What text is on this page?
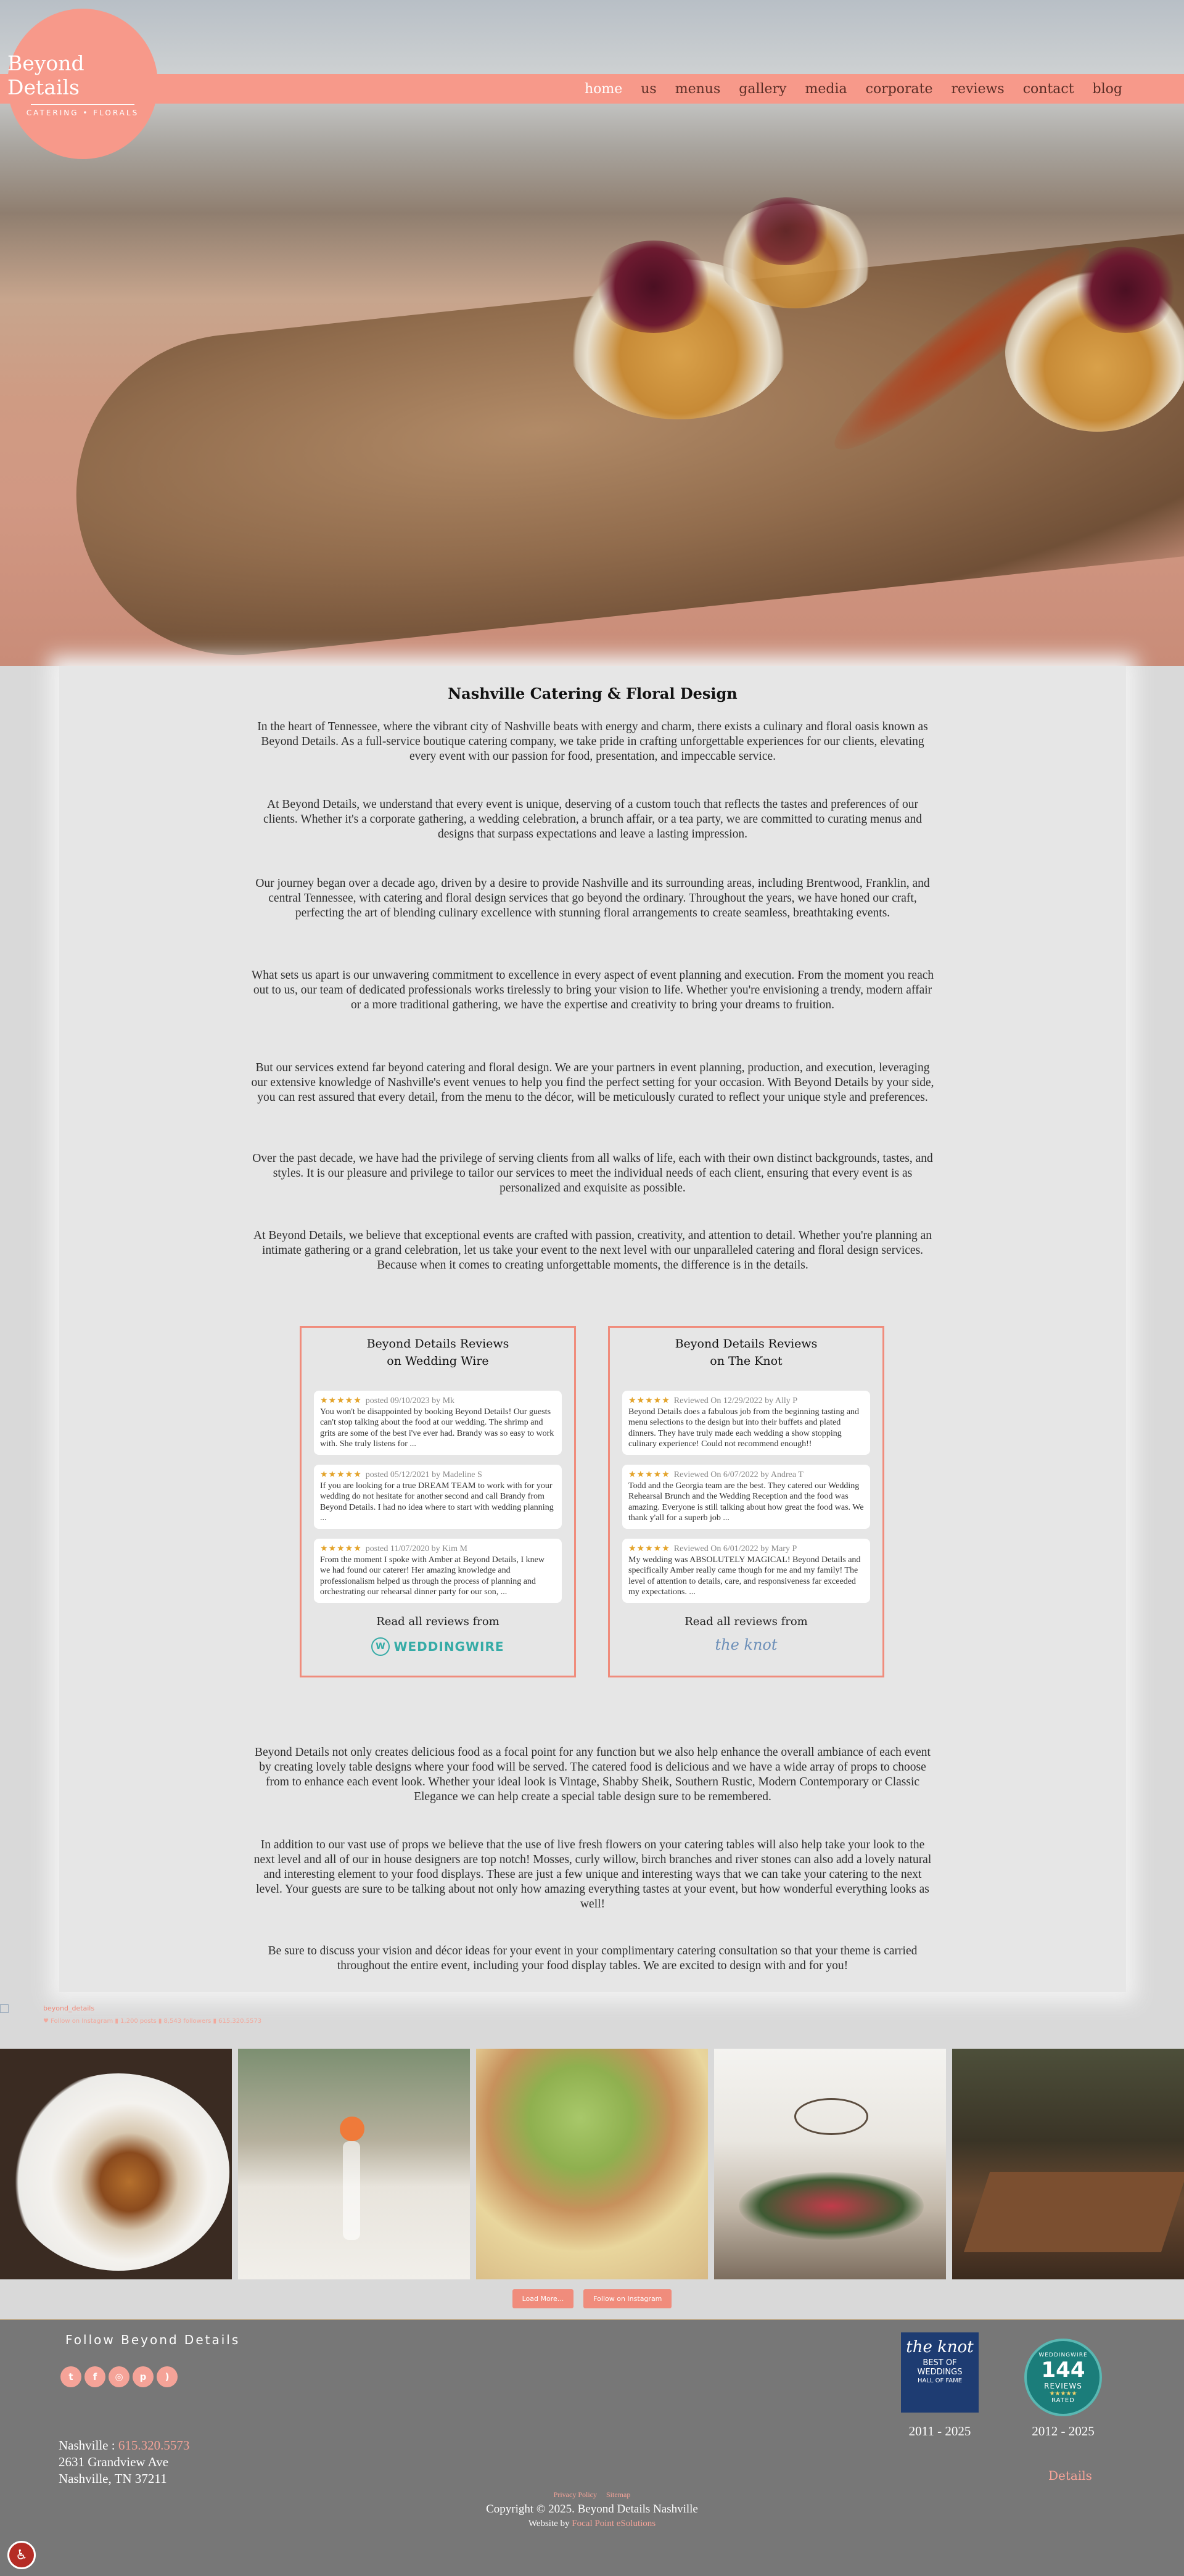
home us menus gallery media corporate reviews contact blog
Beyond Details
CATERING • FLORALS
Nashville Catering & Floral Design

In the heart of Tennessee, where the vibrant city of Nashville beats with energy and charm, there exists a culinary and floral oasis known as Beyond Details. As a full-service boutique catering company, we take pride in crafting unforgettable experiences for our clients, elevating every event with our passion for food, presentation, and impeccable service.

At Beyond Details, we understand that every event is unique, deserving of a custom touch that reflects the tastes and preferences of our clients. Whether it's a corporate gathering, a wedding celebration, a brunch affair, or a tea party, we are committed to curating menus and designs that surpass expectations and leave a lasting impression.

Our journey began over a decade ago, driven by a desire to provide Nashville and its surrounding areas, including Brentwood, Franklin, and central Tennessee, with catering and floral design services that go beyond the ordinary. Throughout the years, we have honed our craft, perfecting the art of blending culinary excellence with stunning floral arrangements to create seamless, breathtaking events.

What sets us apart is our unwavering commitment to excellence in every aspect of event planning and execution. From the moment you reach out to us, our team of dedicated professionals works tirelessly to bring your vision to life. Whether you're envisioning a trendy, modern affair or a more traditional gathering, we have the expertise and creativity to bring your dreams to fruition.

But our services extend far beyond catering and floral design. We are your partners in event planning, production, and execution, leveraging our extensive knowledge of Nashville's event venues to help you find the perfect setting for your occasion. With Beyond Details by your side, you can rest assured that every detail, from the menu to the décor, will be meticulously curated to reflect your unique style and preferences.

Over the past decade, we have had the privilege of serving clients from all walks of life, each with their own distinct backgrounds, tastes, and styles. It is our pleasure and privilege to tailor our services to meet the individual needs of each client, ensuring that every event is as personalized and exquisite as possible.

At Beyond Details, we believe that exceptional events are crafted with passion, creativity, and attention to detail. Whether you're planning an intimate gathering or a grand celebration, let us take your event to the next level with our unparalleled catering and floral design services. Because when it comes to creating unforgettable moments, the difference is in the details.

Beyond Details Reviews
on Wedding Wire
★★★★★ posted 09/10/2023 by Mk
You won't be disappointed by booking Beyond Details! Our guests can't stop talking about the food at our wedding. The shrimp and grits are some of the best i've ever had. Brandy was so easy to work with. She truly listens for ...
★★★★★ posted 05/12/2021 by Madeline S
If you are looking for a true DREAM TEAM to work with for your wedding do not hesitate for another second and call Brandy from Beyond Details. I had no idea where to start with wedding planning ...
★★★★★ posted 11/07/2020 by Kim M
From the moment I spoke with Amber at Beyond Details, I knew we had found our caterer! Her amazing knowledge and professionalism helped us through the process of planning and orchestrating our rehearsal dinner party for our son, ...
Read all reviews from
W WEDDINGWIRE
Beyond Details Reviews
on The Knot
★★★★★ Reviewed On 12/29/2022 by Ally P
Beyond Details does a fabulous job from the beginning tasting and menu selections to the design but into their buffets and plated dinners. They have truly made each wedding a show stopping culinary experience! Could not recommend enough!!
★★★★★ Reviewed On 6/07/2022 by Andrea T
Todd and the Georgia team are the best. They catered our Wedding Rehearsal Brunch and the Wedding Reception and the food was amazing. Everyone is still talking about how great the food was. We thank y'all for a superb job ...
★★★★★ Reviewed On 6/01/2022 by Mary P
My wedding was ABSOLUTELY MAGICAL! Beyond Details and specifically Amber really came though for me and my family! The level of attention to details, care, and responsiveness far exceeded my expectations. ...
Read all reviews from
the knot

Beyond Details not only creates delicious food as a focal point for any function but we also help enhance the overall ambiance of each event by creating lovely table designs where your food will be served. The catered food is delicious and we have a wide array of props to choose from to enhance each event look. Whether your ideal look is Vintage, Shabby Sheik, Southern Rustic, Modern Contemporary or Classic Elegance we can help create a special table design sure to be remembered.

In addition to our vast use of props we believe that the use of live fresh flowers on your catering tables will also help take your look to the next level and all of our in house designers are top notch! Mosses, curly willow, birch branches and river stones can also add a lovely natural and interesting element to your food displays. These are just a few unique and interesting ways that we can take your catering to the next level. Your guests are sure to be talking about not only how amazing everything tastes at your event, but how wonderful everything looks as well!

Be sure to discuss your vision and décor ideas for your event in your complimentary catering consultation so that your theme is carried throughout the entire event, including your food display tables. We are excited to design with and for you!

beyond_details
♥ Follow on Instagram ▮ 1,200 posts ▮ 8,543 followers ▮ 615.320.5573
Load More...	Follow on Instagram
Follow Beyond Details
t	f	◎	p	)
Nashville : 615.320.5573
2631 Grandview Ave
Nashville, TN 37211
the knot
BEST OF WEDDINGS
HALL OF FAME
WEDDINGWIRE
144
REVIEWS
★★★★★
RATED
2011 - 2025	2012 - 2025
Details
Privacy Policy Sitemap
Copyright © 2025. Beyond Details Nashville
Website by Focal Point eSolutions
♿
